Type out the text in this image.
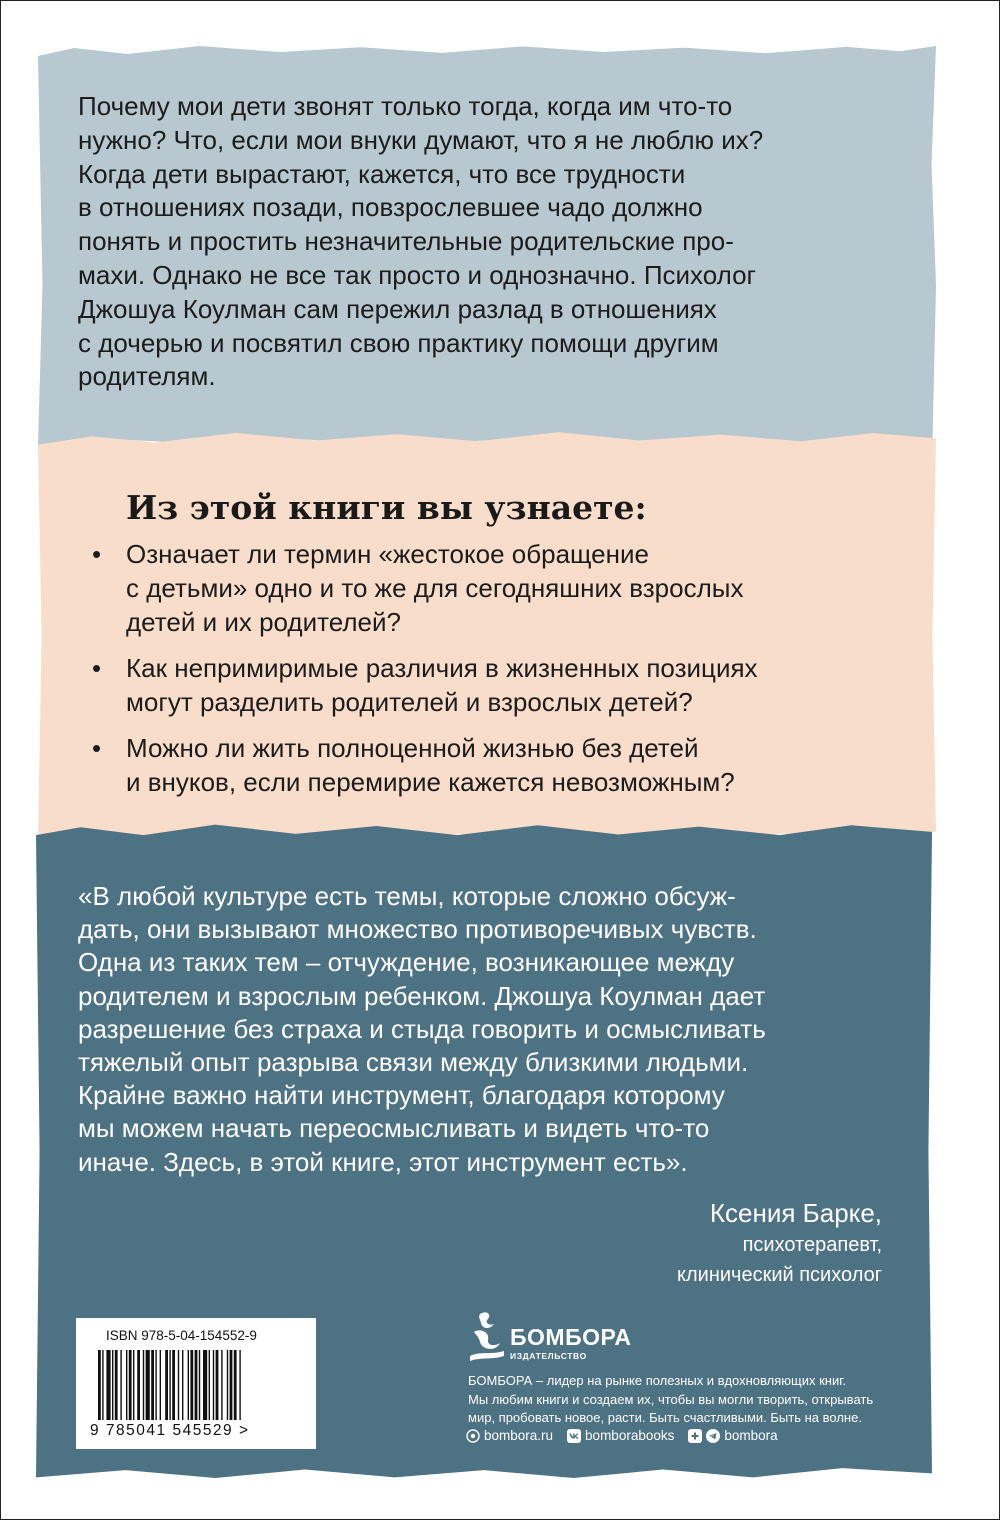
Почему мои дети звонят только тогда, когда им что-то
нужно? Что, если мои внуки думают, что я не люблю их?
Когда дети вырастают, кажется, что все трудности
в отношениях позади, повзрослевшее чадо должно
понять и простить незначительные родительские про-
махи. Однако не все так просто и однозначно. Психолог
Джошуа Коулман сам пережил разлад в отношениях
с дочерью и посвятил свою практику помощи другим
родителям.

Из этой книги вы узнаете:
• Означает ли термин «жестокое обращение
с детьми» одно и то же для сегодняшних взрослых
детей и их родителей?
• Как непримиримые различия в жизненных позициях
могут разделить родителей и взрослых детей?
• Можно ли жить полноценной жизнью без детей
и внуков, если перемирие кажется невозможным?

«В любой культуре есть темы, которые сложно обсуж-
дать, они вызывают множество противоречивых чувств.
Одна из таких тем – отчуждение, возникающее между
родителем и взрослым ребенком. Джошуа Коулман дает
разрешение без страха и стыда говорить и осмысливать
тяжелый опыт разрыва связи между близкими людьми.
Крайне важно найти инструмент, благодаря которому
мы можем начать переосмысливать и видеть что-то
иначе. Здесь, в этой книге, этот инструмент есть».

Ксения Барке,
психотерапевт,
клинический психолог
ISBN 978-5-04-154552-9
9 785041 545529 >
БОМБОРА
ИЗДАТЕЛЬСТВО
БОМБОРА – лидер на рынке полезных и вдохновляющих книг.
Мы любим книги и создаем их, чтобы вы могли творить, открывать
мир, пробовать новое, расти. Быть счастливыми. Быть на волне.
bombora.ru bomborabooks	bombora
